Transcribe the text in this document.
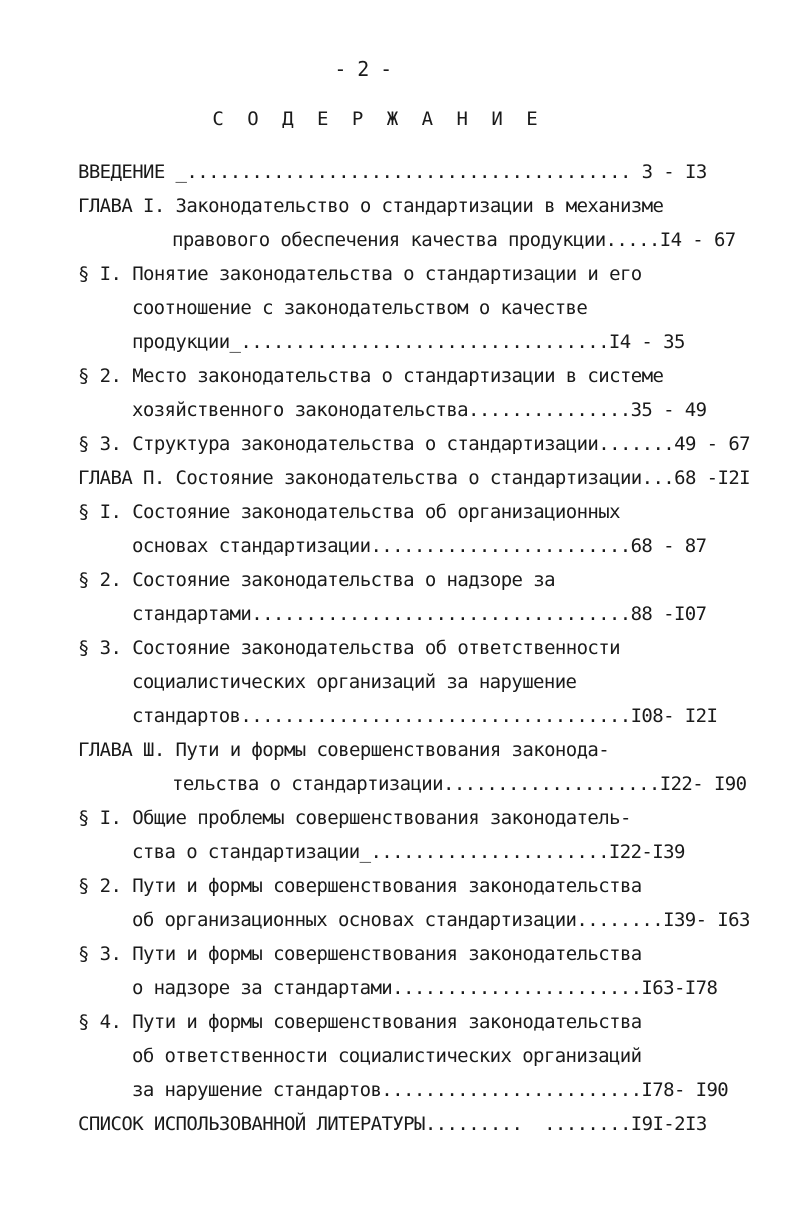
- 2 -
С О Д Е Р Ж А Н И Е
ВВЕДЕНИЕ _......................................... 3 - I3
ГЛАВА I. Законодательство о стандартизации в механизме
правового обеспечения качества продукции.....I4 - 67
§ I. Понятие законодательства о стандартизации и его
соотношение с законодательством о качестве
продукции_..................................I4 - 35
§ 2. Место законодательства о стандартизации в системе
хозяйственного законодательства...............35 - 49
§ 3. Структура законодательства о стандартизации.......49 - 67
ГЛАВА П. Состояние законодательства о стандартизации...68 -I2I
§ I. Состояние законодательства об организационных
основах стандартизации........................68 - 87
§ 2. Состояние законодательства о надзоре за
стандартами...................................88 -I07
§ 3. Состояние законодательства об ответственности
социалистических организаций за нарушение
стандартов....................................I08- I2I
ГЛАВА Ш. Пути и формы совершенствования законода-
тельства о стандартизации....................I22- I90
§ I. Общие проблемы совершенствования законодатель-
ства о стандартизации_......................I22-I39
§ 2. Пути и формы совершенствования законодательства
об организационных основах стандартизации........I39- I63
§ 3. Пути и формы совершенствования законодательства
о надзоре за стандартами.......................I63-I78
§ 4. Пути и формы совершенствования законодательства
об ответственности социалистических организаций
за нарушение стандартов........................I78- I90
СПИСОК ИСПОЛЬЗОВАННОЙ ЛИТЕРАТУРЫ.........  ........I9I-2I3
